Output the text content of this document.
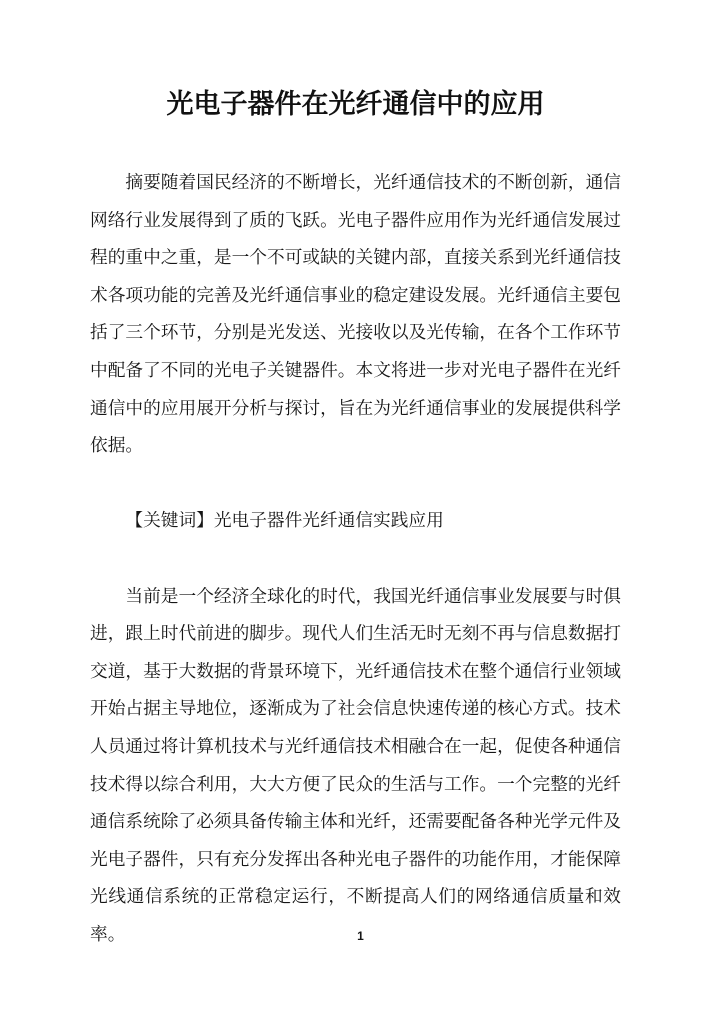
光电子器件在光纤通信中的应用

摘要随着国民经济的不断增长，光纤通信技术的不断创新，通信网络行业发展得到了质的飞跃。光电子器件应用作为光纤通信发展过程的重中之重，是一个不可或缺的关键内部，直接关系到光纤通信技术各项功能的完善及光纤通信事业的稳定建设发展。光纤通信主要包括了三个环节，分别是光发送、光接收以及光传输，在各个工作环节中配备了不同的光电子关键器件。本文将进一步对光电子器件在光纤通信中的应用展开分析与探讨，旨在为光纤通信事业的发展提供科学依据。

【关键词】光电子器件光纤通信实践应用

当前是一个经济全球化的时代，我国光纤通信事业发展要与时俱进，跟上时代前进的脚步。现代人们生活无时无刻不再与信息数据打交道，基于大数据的背景环境下，光纤通信技术在整个通信行业领域开始占据主导地位，逐渐成为了社会信息快速传递的核心方式。技术人员通过将计算机技术与光纤通信技术相融合在一起，促使各种通信技术得以综合利用，大大方便了民众的生活与工作。一个完整的光纤通信系统除了必须具备传输主体和光纤，还需要配备各种光学元件及光电子器件，只有充分发挥出各种光电子器件的功能作用，才能保障光线通信系统的正常稳定运行，不断提高人们的网络通信质量和效率。	1
